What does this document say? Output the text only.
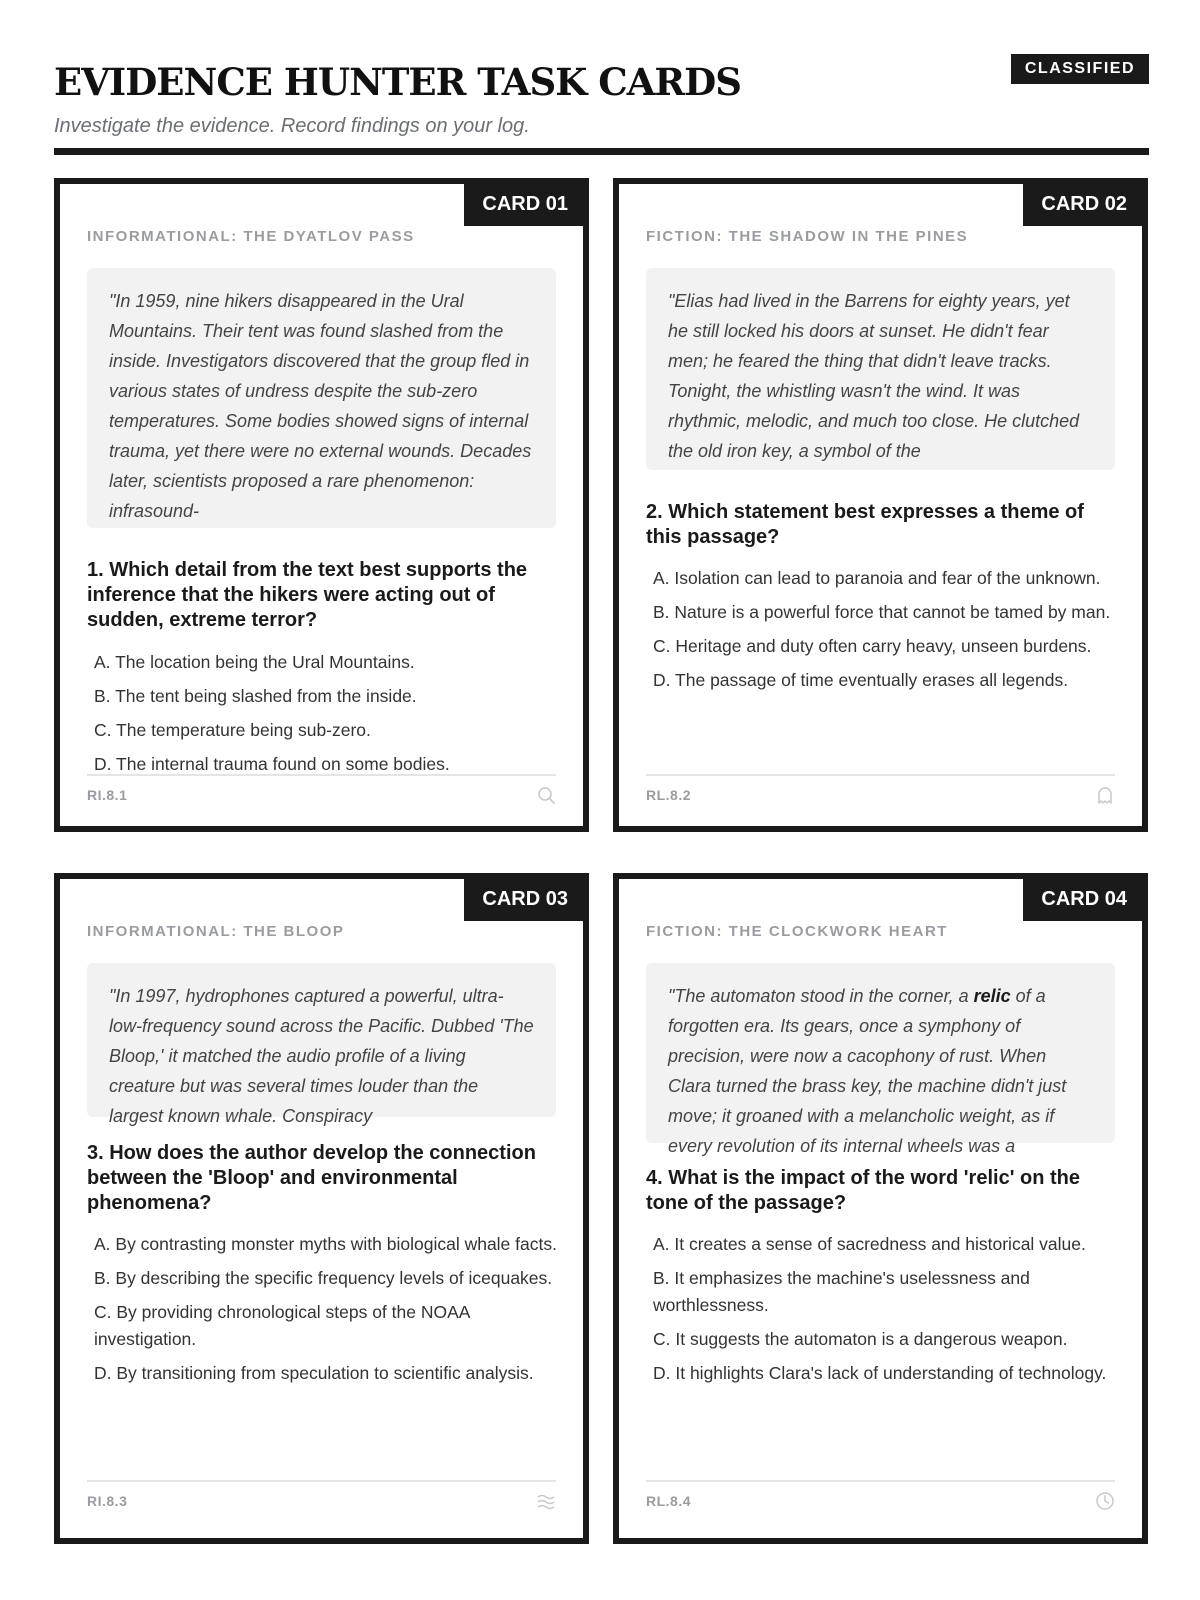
EVIDENCE HUNTER TASK CARDS
Investigate the evidence. Record findings on your log.
CLASSIFIED
CARD 01
INFORMATIONAL: THE DYATLOV PASS
"In 1959, nine hikers disappeared in the Ural Mountains. Their tent was found slashed from the inside. Investigators discovered that the group fled in various states of undress despite the sub-zero temperatures. Some bodies showed signs of internal trauma, yet there were no external wounds. Decades later, scientists proposed a rare phenomenon: infrasound-

1. Which detail from the text best supports the inference that the hikers were acting out of sudden, extreme terror?

A. The location being the Ural Mountains.
B. The tent being slashed from the inside.
C. The temperature being sub-zero.
D. The internal trauma found on some bodies.
RI.8.1
CARD 02
FICTION: THE SHADOW IN THE PINES
"Elias had lived in the Barrens for eighty years, yet he still locked his doors at sunset. He didn't fear men; he feared the thing that didn't leave tracks. Tonight, the whistling wasn't the wind. It was rhythmic, melodic, and much too close. He clutched the old iron key, a symbol of the

2. Which statement best expresses a theme of this passage?

A. Isolation can lead to paranoia and fear of the unknown.
B. Nature is a powerful force that cannot be tamed by man.
C. Heritage and duty often carry heavy, unseen burdens.
D. The passage of time eventually erases all legends.
RL.8.2
CARD 03
INFORMATIONAL: THE BLOOP
"In 1997, hydrophones captured a powerful, ultra-low-frequency sound across the Pacific. Dubbed 'The Bloop,' it matched the audio profile of a living creature but was several times louder than the largest known whale. Conspiracy

3. How does the author develop the connection between the 'Bloop' and environmental phenomena?

A. By contrasting monster myths with biological whale facts.
B. By describing the specific frequency levels of icequakes.
C. By providing chronological steps of the NOAA investigation.
D. By transitioning from speculation to scientific analysis.
RI.8.3
CARD 04
FICTION: THE CLOCKWORK HEART
"The automaton stood in the corner, a relic of a forgotten era. Its gears, once a symphony of precision, were now a cacophony of rust. When Clara turned the brass key, the machine didn't just move; it groaned with a melancholic weight, as if every revolution of its internal wheels was a

4. What is the impact of the word 'relic' on the tone of the passage?

A. It creates a sense of sacredness and historical value.
B. It emphasizes the machine's uselessness and worthlessness.
C. It suggests the automaton is a dangerous weapon.
D. It highlights Clara's lack of understanding of technology.
RL.8.4
